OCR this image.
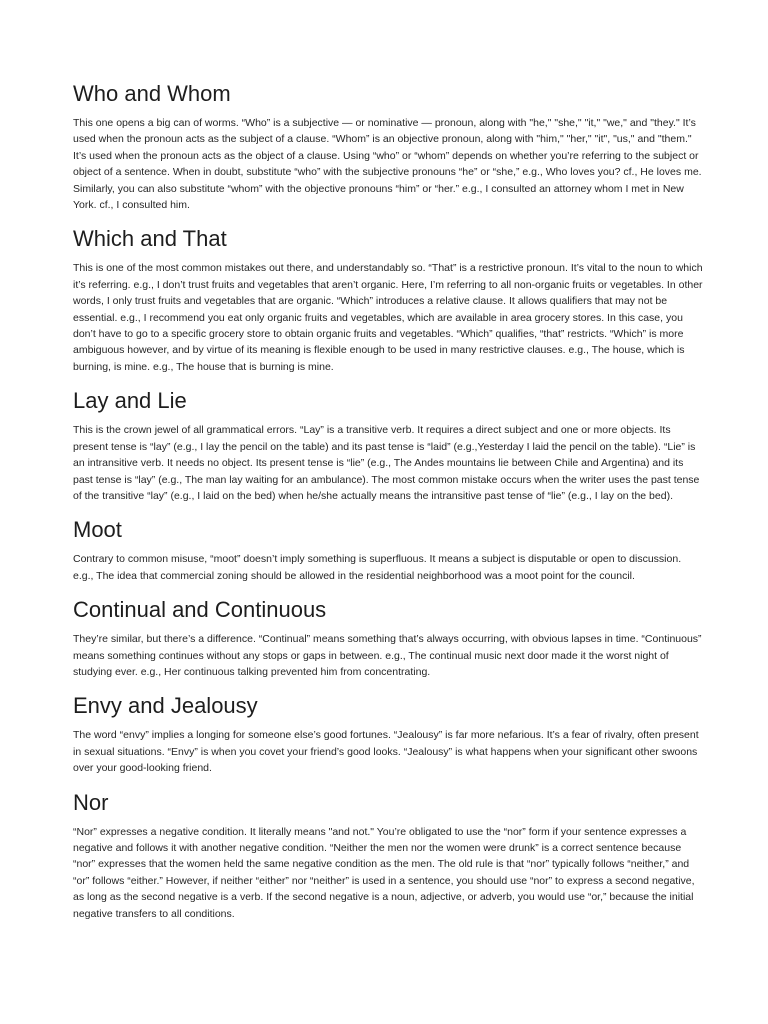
Who and Whom

This one opens a big can of worms. “Who” is a subjective — or nominative — pronoun, along with "he," "she," "it," "we," and "they." It’s used when the pronoun acts as the subject of a clause. “Whom” is an objective pronoun, along with "him," "her," "it", "us," and "them." It’s used when the pronoun acts as the object of a clause. Using “who” or “whom” depends on whether you’re referring to the subject or object of a sentence. When in doubt, substitute “who” with the subjective pronouns “he” or “she,” e.g., Who loves you? cf., He loves me. Similarly, you can also substitute “whom” with the objective pronouns “him” or “her.” e.g., I consulted an attorney whom I met in New York. cf., I consulted him.

Which and That

This is one of the most common mistakes out there, and understandably so. “That” is a restrictive pronoun. It’s vital to the noun to which it’s referring. e.g., I don’t trust fruits and vegetables that aren’t organic. Here, I’m referring to all non-organic fruits or vegetables. In other words, I only trust fruits and vegetables that are organic. “Which” introduces a relative clause. It allows qualifiers that may not be essential. e.g., I recommend you eat only organic fruits and vegetables, which are available in area grocery stores. In this case, you don’t have to go to a specific grocery store to obtain organic fruits and vegetables. “Which” qualifies, “that” restricts. “Which” is more ambiguous however, and by virtue of its meaning is flexible enough to be used in many restrictive clauses. e.g., The house, which is burning, is mine. e.g., The house that is burning is mine.

Lay and Lie

This is the crown jewel of all grammatical errors. “Lay” is a transitive verb. It requires a direct subject and one or more objects. Its present tense is “lay” (e.g., I lay the pencil on the table) and its past tense is “laid” (e.g.,Yesterday I laid the pencil on the table). “Lie” is an intransitive verb. It needs no object. Its present tense is “lie” (e.g., The Andes mountains lie between Chile and Argentina) and its past tense is “lay” (e.g., The man lay waiting for an ambulance). The most common mistake occurs when the writer uses the past tense of the transitive “lay” (e.g., I laid on the bed) when he/she actually means the intransitive past tense of “lie” (e.g., I lay on the bed).

Moot

Contrary to common misuse, “moot” doesn’t imply something is superfluous. It means a subject is disputable or open to discussion. e.g., The idea that commercial zoning should be allowed in the residential neighborhood was a moot point for the council.

Continual and Continuous

They’re similar, but there’s a difference. “Continual” means something that’s always occurring, with obvious lapses in time. “Continuous” means something continues without any stops or gaps in between. e.g., The continual music next door made it the worst night of studying ever. e.g., Her continuous talking prevented him from concentrating.

Envy and Jealousy

The word “envy” implies a longing for someone else’s good fortunes. “Jealousy” is far more nefarious. It’s a fear of rivalry, often present in sexual situations. “Envy” is when you covet your friend’s good looks. “Jealousy” is what happens when your significant other swoons over your good-looking friend.

Nor

“Nor” expresses a negative condition. It literally means "and not." You’re obligated to use the “nor” form if your sentence expresses a negative and follows it with another negative condition. “Neither the men nor the women were drunk” is a correct sentence because “nor” expresses that the women held the same negative condition as the men. The old rule is that “nor” typically follows “neither,” and “or” follows “either.” However, if neither “either” nor “neither” is used in a sentence, you should use “nor” to express a second negative, as long as the second negative is a verb. If the second negative is a noun, adjective, or adverb, you would use “or,” because the initial negative transfers to all conditions.
